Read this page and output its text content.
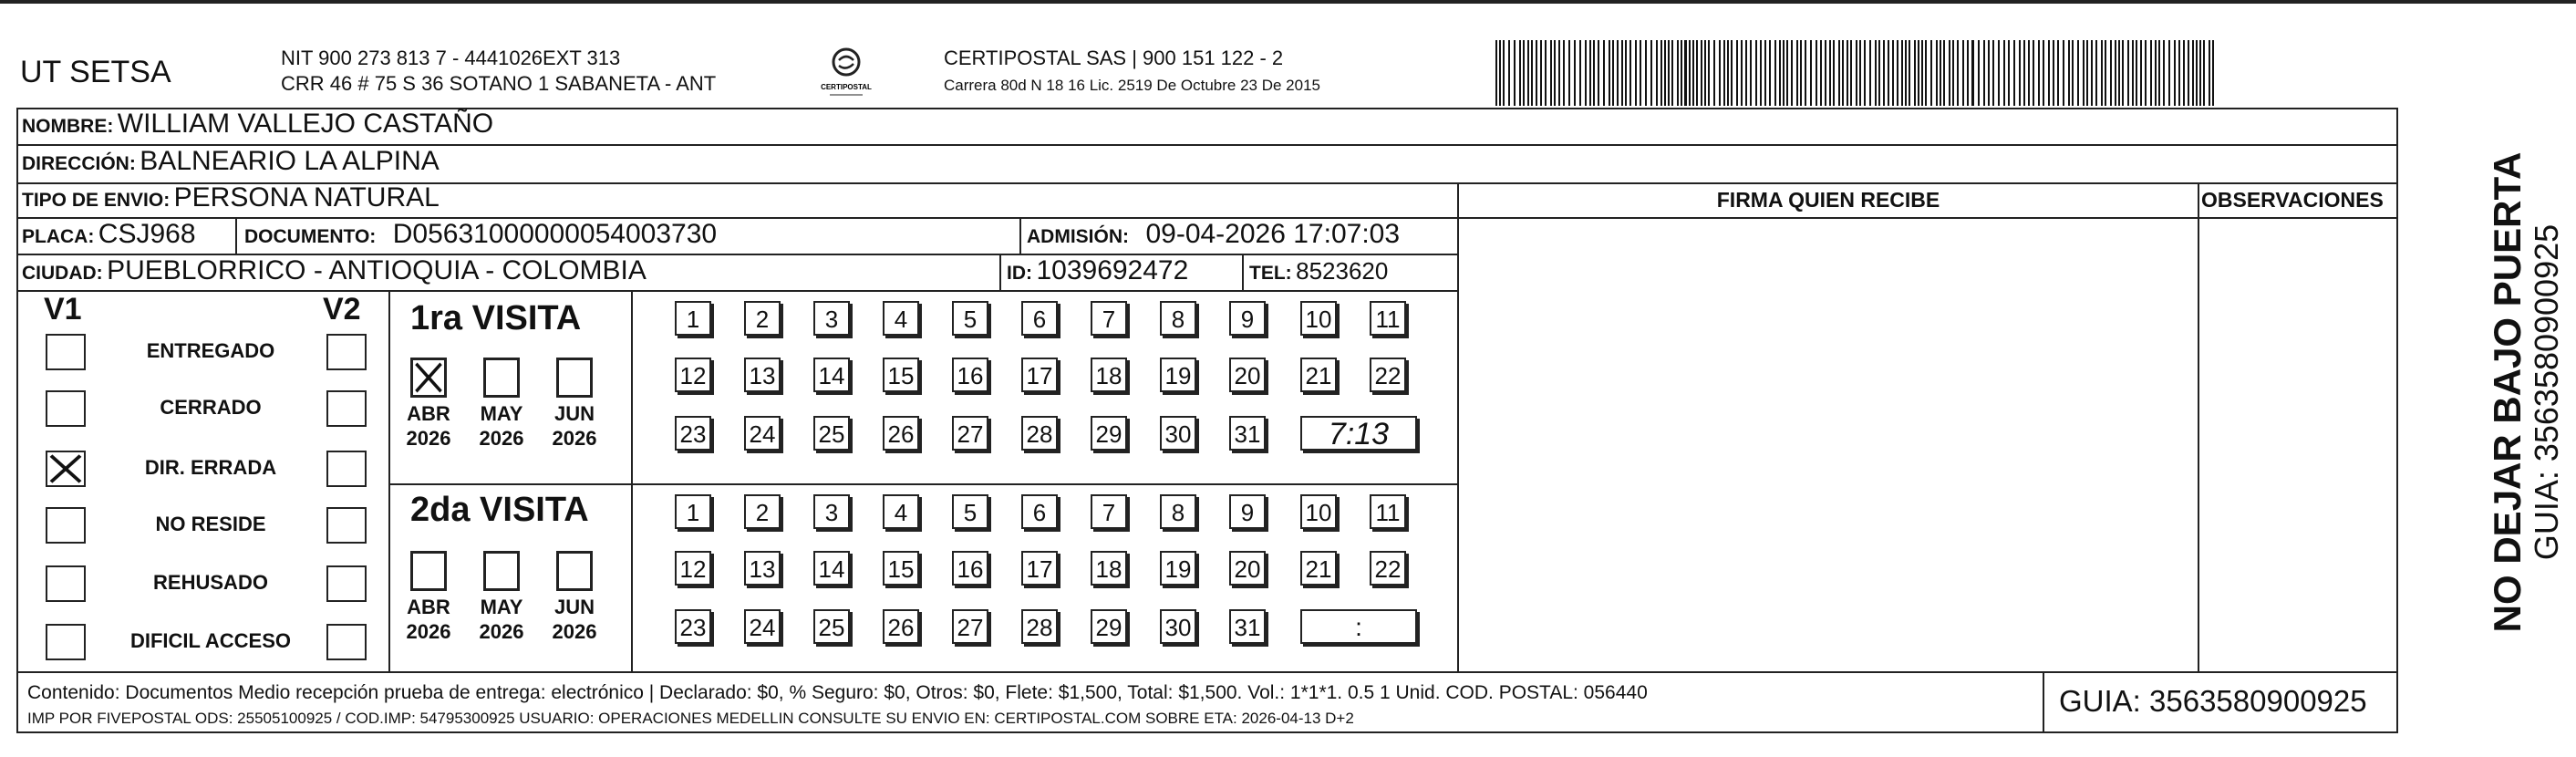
UT SETSA	NIT 900 273 813 7 - 4441026EXT 313
CRR 46 # 75 S 36 SOTANO 1 SABANETA - ANT	CERTIPOSTAL
CERTIPOSTAL SAS | 900 151 122 - 2
Carrera 80d N 18 16 Lic. 2519 De Octubre 23 De 2015
NOMBRE: WILLIAM VALLEJO CASTAÑO
DIRECCIÓN: BALNEARIO LA ALPINA
TIPO DE ENVIO: PERSONA NATURAL
PLACA: CSJ968	DOCUMENTO: D05631000000054003730	ADMISIÓN: 09-04-2026 17:07:03
CIUDAD: PUEBLORRICO - ANTIOQUIA - COLOMBIA	ID: 1039692472	TEL: 8523620
FIRMA QUIEN RECIBE	OBSERVACIONES
V1	V2
ENTREGADO
CERRADO
DIR. ERRADA
NO RESIDE
REHUSADO
DIFICIL ACCESO
1ra VISITA
2da VISITA
ABR
2026
MAY
2026
JUN
2026
1	2	3	4	5	6	7	8	9	10 11
12 13 14 15 16 17 18 19 20 21 22
23 24 25 26 27 28 29 30 31	7:13
ABR
2026
MAY
2026
JUN
2026
1	2	3	4	5	6	7	8	9	10 11
12 13 14 15 16 17 18 19 20 21 22
23 24 25 26 27 28 29 30 31	:
Contenido: Documentos Medio recepción prueba de entrega: electrónico | Declarado: $0, % Seguro: $0, Otros: $0, Flete: $1,500, Total: $1,500. Vol.: 1*1*1. 0.5 1 Unid. COD. POSTAL: 056440
IMP POR FIVEPOSTAL ODS: 25505100925 / COD.IMP: 54795300925 USUARIO: OPERACIONES MEDELLIN CONSULTE SU ENVIO EN: CERTIPOSTAL.COM SOBRE ETA: 2026-04-13 D+2
GUIA: 3563580900925
NO DEJAR BAJO PUERTA GUIA: 3563580900925
